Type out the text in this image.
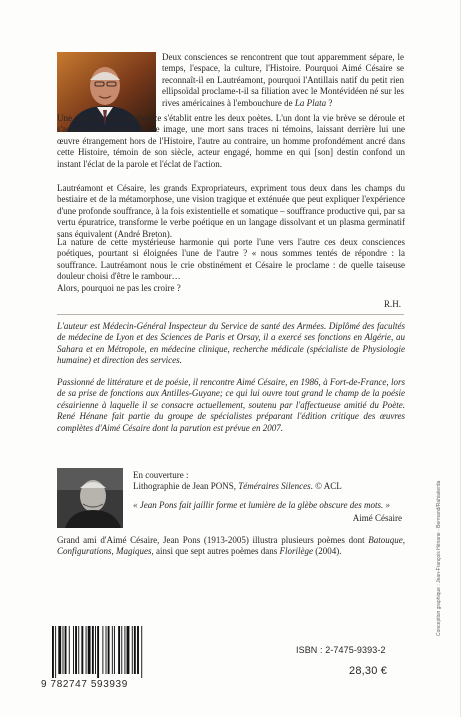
Deux consciences se rencontrent que tout apparemment sépare, le temps, l'espace, la culture, l'Histoire. Pourquoi Aimé Césaire se reconnaît-il en Lautréamont, pourquoi l'Antillais natif du petit rien ellipsoïdal proclame-t-il sa filiation avec le Montévidéen né sur les rives américaines à l'embouchure de La Plata ?

Une mystérieuse connivence s'établit entre les deux poètes. L'un dont la vie brève se déroule et s'achève sans l'ombre d'une image, une mort sans traces ni témoins, laissant derrière lui une œuvre étrangement hors de l'Histoire, l'autre au contraire, un homme profondément ancré dans cette Histoire, témoin de son siècle, acteur engagé, homme en qui [son] destin confond un instant l'éclat de la parole et l'éclat de l'action.

Lautréamont et Césaire, les grands Expropriateurs, expriment tous deux dans les champs du bestiaire et de la métamorphose, une vision tragique et exténuée que peut expliquer l'expérience d'une profonde souffrance, à la fois existentielle et somatique – souffrance productive qui, par sa vertu épuratrice, transforme le verbe poétique en un langage dissolvant et un plasma germinatif sans équivalent (André Breton).

La nature de cette mystérieuse harmonie qui porte l'une vers l'autre ces deux consciences poétiques, pourtant si éloignées l'une de l'autre ? « nous sommes tentés de répondre : la souffrance. Lautréamont nous le crie obstinément et Césaire le proclame : de quelle taiseuse douleur choisi d'être le rambour…

Alors, pourquoi ne pas les croire ?

R.H.

L'auteur est Médecin-Général Inspecteur du Service de santé des Armées. Diplômé des facultés de médecine de Lyon et des Sciences de Paris et Orsay, il a exercé ses fonctions en Algérie, au Sahara et en Métropole, en médecine clinique, recherche médicale (spécialiste de Physiologie humaine) et direction des services.

Passionné de littérature et de poésie, il rencontre Aimé Césaire, en 1986, à Fort-de-France, lors de sa prise de fonctions aux Antilles-Guyane; ce qui lui ouvre tout grand le champ de la poésie césairienne à laquelle il se consacre actuellement, soutenu par l'affectueuse amitié du Poète. René Hénane fait partie du groupe de spécialistes préparant l'édition critique des œuvres complètes d'Aimé Césaire dont la parution est prévue en 2007.

En couverture :
Lithographie de Jean PONS, Téméraires Silences. © ACL
« Jean Pons fait jaillir forme et lumière de la glèbe obscure des mots. »
Aimé Césaire
Grand ami d'Aimé Césaire, Jean Pons (1913-2005) illustra plusieurs poèmes dont Batouque, Configurations, Magiques, ainsi que sept autres poèmes dans Florilège (2004).
9 782747 593939
ISBN : 2-7475-9393-2
28,30 €
Conception graphique : Jean-François Hénane · Bermand/Rahiakerda
